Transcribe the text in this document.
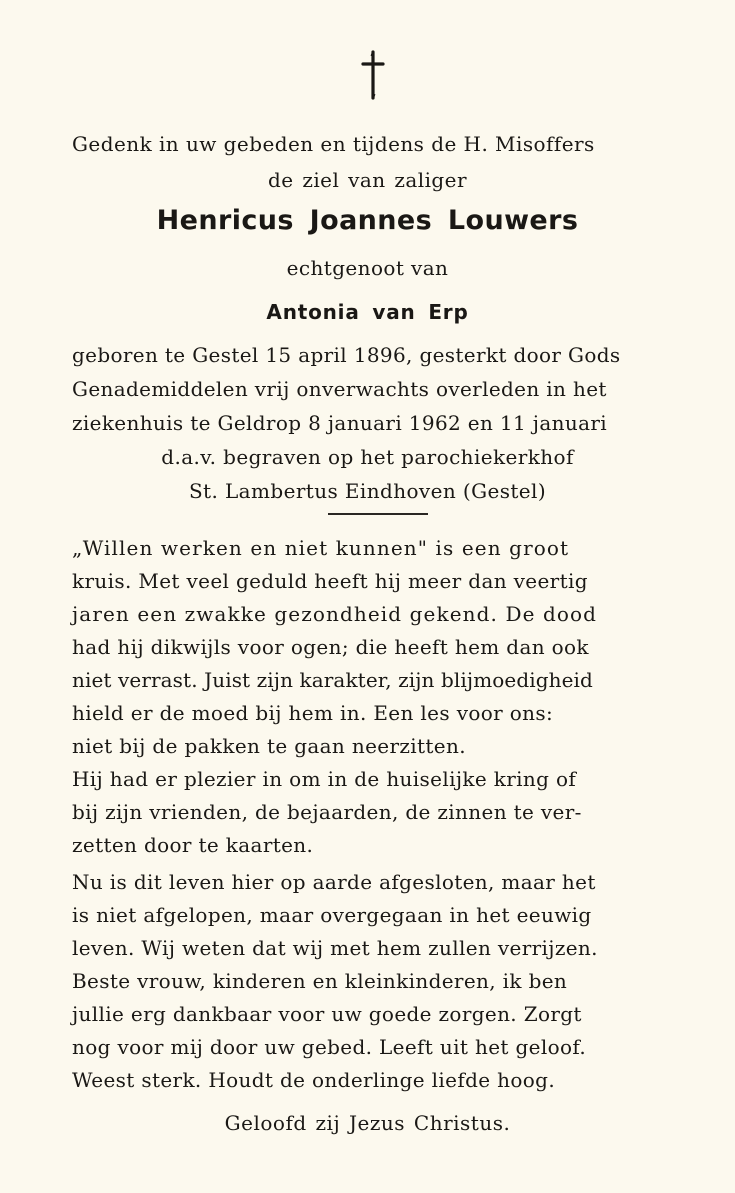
Gedenk in uw gebeden en tijdens de H. Misoffers
de ziel van zaliger
Henricus Joannes Louwers
echtgenoot van
Antonia van Erp
geboren te Gestel 15 april 1896, gesterkt door Gods
Genademiddelen vrij onverwachts overleden in het
ziekenhuis te Geldrop 8 januari 1962 en 11 januari
d.a.v. begraven op het parochiekerkhof
St. Lambertus Eindhoven (Gestel)
„Willen werken en niet kunnen" is een groot
kruis. Met veel geduld heeft hij meer dan veertig
jaren een zwakke gezondheid gekend. De dood
had hij dikwijls voor ogen; die heeft hem dan ook
niet verrast. Juist zijn karakter, zijn blijmoedigheid
hield er de moed bij hem in. Een les voor ons:
niet bij de pakken te gaan neerzitten.
Hij had er plezier in om in de huiselijke kring of
bij zijn vrienden, de bejaarden, de zinnen te ver-
zetten door te kaarten.
Nu is dit leven hier op aarde afgesloten, maar het
is niet afgelopen, maar overgegaan in het eeuwig
leven. Wij weten dat wij met hem zullen verrijzen.
Beste vrouw, kinderen en kleinkinderen, ik ben
jullie erg dankbaar voor uw goede zorgen. Zorgt
nog voor mij door uw gebed. Leeft uit het geloof.
Weest sterk. Houdt de onderlinge liefde hoog.
Geloofd zij Jezus Christus.
